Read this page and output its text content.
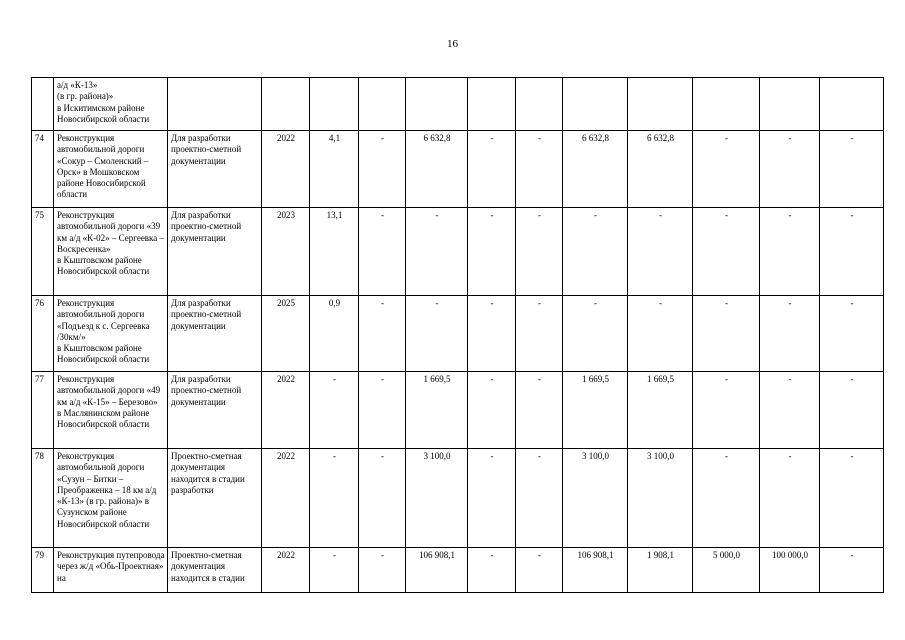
16
	а/д «К-13»
(в гр. района)»
в Искитимском районе Новосибирской области												
74	Реконструкция автомобильной дороги «Сокур – Смоленский – Орск» в Мошковском районе Новосибирской области	Для разработки проектно-сметной документации	2022	4,1	-	6 632,8	-	-	6 632,8	6 632,8	-	-	-
75	Реконструкция автомобильной дороги «39 км а/д «К-02» – Сергеевка – Воскресенка»
в Кыштовском районе Новосибирской области	Для разработки проектно-сметной документации	2023	13,1	-	-	-	-	-	-	-	-	-
76	Реконструкция автомобильной дороги «Подъезд к с. Сергеевка /30км/»
в Кыштовском районе Новосибирской области	Для разработки проектно-сметной документации	2025	0,9	-	-	-	-	-	-	-	-	-
77	Реконструкция автомобильной дороги «49 км а/д «К-15» – Березово»
в Маслянинском районе Новосибирской области	Для разработки проектно-сметной документации	2022	-	-	1 669,5	-	-	1 669,5	1 669,5	-	-	-
78	Реконструкция автомобильной дороги «Сузун – Битки – Преображенка – 18 км а/д «К-13» (в гр. района)» в Сузунском районе Новосибирской области	Проектно-сметная документация находится в стадии разработки	2022	-	-	3 100,0	-	-	3 100,0	3 100,0	-	-	-
79	Реконструкция путепровода через ж/д «Обь-Проектная» на	Проектно-сметная документация находится в стадии	2022	-	-	106 908,1	-	-	106 908,1	1 908,1	5 000,0	100 000,0	-
